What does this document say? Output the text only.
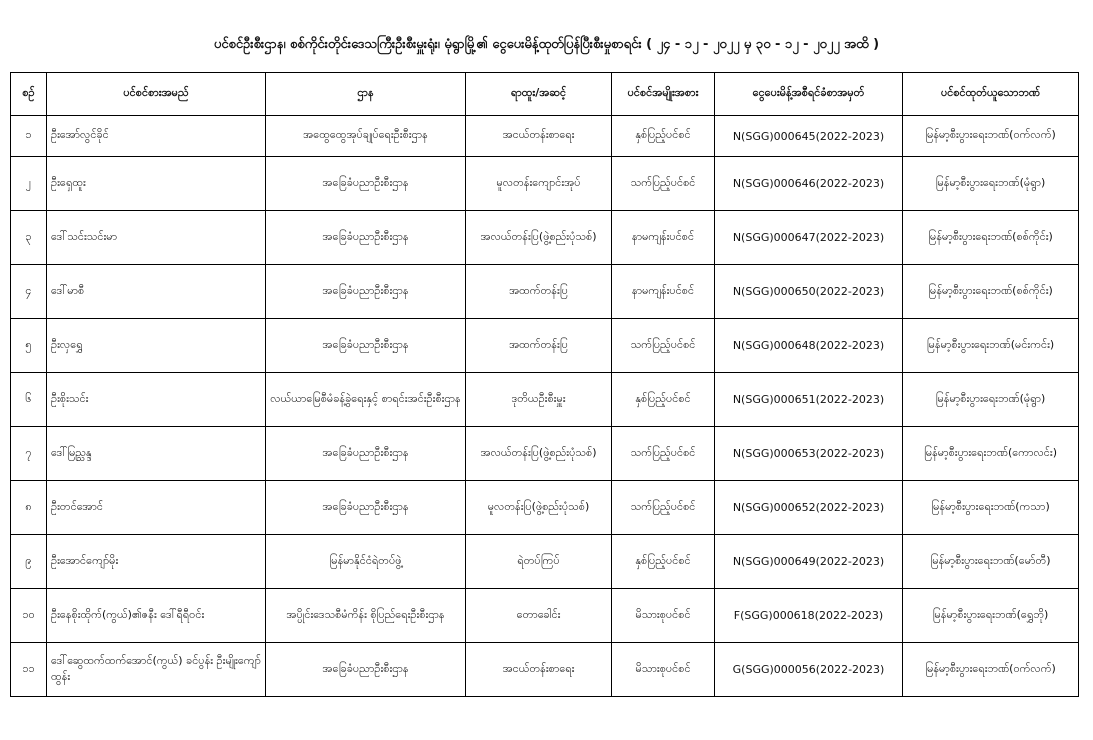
ပင်စင်ဦးစီးဌာန၊ စစ်ကိုင်းတိုင်းဒေသကြီးဦးစီးမှူးရုံး၊ မုံရွာမြို့၏ ငွေပေးမိန့်ထုတ်ပြန်ပြီးစီးမှုစာရင်း ( ၂၄ - ၁၂ - ၂၀၂၂ မှ ၃၀ - ၁၂ - ၂၀၂၂ အထိ )
စဉ်	ပင်စင်စားအမည်	ဌာန	ရာထူး/အဆင့်	ပင်စင်အမျိုးအစား	ငွေပေးမိန့်အစီရင်ခံစာအမှတ်	ပင်စင်ထုတ်ယူသောဘဏ်
၁	ဦးအော်လွင်ခိုင်	အထွေထွေအုပ်ချုပ်ရေးဦးစီးဌာန	အငယ်တန်းစာရေး	နှစ်ပြည့်ပင်စင်	N(SGG)000645(2022-2023)	မြန်မာ့စီးပွားရေးဘဏ်(ဝက်လက်)
၂	ဦးရှေထူး	အခြေခံပညာဦးစီးဌာန	မူလတန်းကျောင်းအုပ်	သက်ပြည့်ပင်စင်	N(SGG)000646(2022-2023)	မြန်မာ့စီးပွားရေးဘဏ်(မုံရွာ)
၃	ဒေါ်သင်းသင်းမာ	အခြေခံပညာဦးစီးဌာန	အလယ်တန်းပြ(ဖွဲ့စည်းပုံသစ်)	နာမကျန်းပင်စင်	N(SGG)000647(2022-2023)	မြန်မာ့စီးပွားရေးဘဏ်(စစ်ကိုင်း)
၄	ဒေါ်မာစီ	အခြေခံပညာဦးစီးဌာန	အထက်တန်းပြ	နာမကျန်းပင်စင်	N(SGG)000650(2022-2023)	မြန်မာ့စီးပွားရေးဘဏ်(စစ်ကိုင်း)
၅	ဦးလှရွှေ	အခြေခံပညာဦးစီးဌာန	အထက်တန်းပြ	သက်ပြည့်ပင်စင်	N(SGG)000648(2022-2023)	မြန်မာ့စီးပွားရေးဘဏ်(မင်းကင်း)
၆	ဦးစိုးသင်း	လယ်ယာမြေစီမံခန့်ခွဲရေးနှင့် စာရင်းအင်းဦးစီးဌာန	ဒုတိယဦးစီးမှူး	နှစ်ပြည့်ပင်စင်	N(SGG)000651(2022-2023)	မြန်မာ့စီးပွားရေးဘဏ်(မုံရွာ)
၇	ဒေါ်မြည္သန္ဒ	အခြေခံပညာဦးစီးဌာန	အလယ်တန်းပြ(ဖွဲ့စည်းပုံသစ်)	သက်ပြည့်ပင်စင်	N(SGG)000653(2022-2023)	မြန်မာ့စီးပွားရေးဘဏ်(ကောလင်း)
၈	ဦးတင်အောင်	အခြေခံပညာဦးစီးဌာန	မူလတန်းပြ(ဖွဲ့စည်းပုံသစ်)	သက်ပြည့်ပင်စင်	N(SGG)000652(2022-2023)	မြန်မာ့စီးပွားရေးဘဏ်(ကသာ)
၉	ဦးအောင်ကျော်မိုး	မြန်မာနိုင်ငံရဲတပ်ဖွဲ့	ရဲတပ်ကြပ်	နှစ်ပြည့်ပင်စင်	N(SGG)000649(2022-2023)	မြန်မာ့စီးပွားရေးဘဏ်(မော်တီ)
၁၀	ဦးနေစိုးထိုက်(ကွယ်)၏ဇနီး ဒေါ်ရီရီဝင်း	အပ္ပိုင်းဒေသစီမံကိန်း စိုပြည်ရေးဦးစီးဌာန	တောခေါင်း	မိသားစုပင်စင်	F(SGG)000618(2022-2023)	မြန်မာ့စီးပွားရေးဘဏ်(ရွှေဘို)
၁၁	ဒေါ်ဆွေထက်ထက်အောင်(ကွယ်) ခင်ပွန်း ဦးမျိုးကျော်ထွန်း	အခြေခံပညာဦးစီးဌာန	အငယ်တန်းစာရေး	မိသားစုပင်စင်	G(SGG)000056(2022-2023)	မြန်မာ့စီးပွားရေးဘဏ်(ဝက်လက်)
